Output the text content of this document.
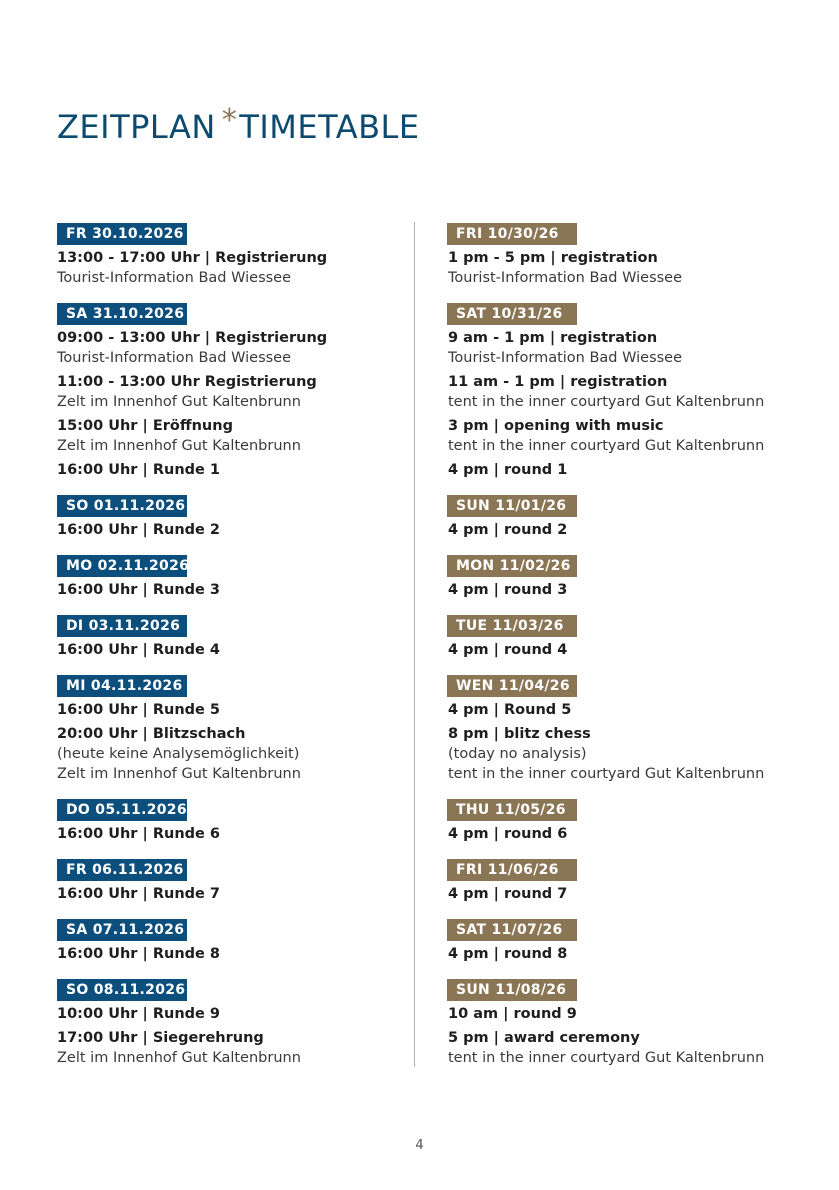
ZEITPLAN *TIMETABLE
FR 30.10.2026
13:00 - 17:00 Uhr | Registrierung
Tourist-Information Bad Wiessee
SA 31.10.2026
09:00 - 13:00 Uhr | Registrierung
Tourist-Information Bad Wiessee
11:00 - 13:00 Uhr Registrierung
Zelt im Innenhof Gut Kaltenbrunn
15:00 Uhr | Eröffnung
Zelt im Innenhof Gut Kaltenbrunn
16:00 Uhr | Runde 1
SO 01.11.2026
16:00 Uhr | Runde 2
MO 02.11.2026
16:00 Uhr | Runde 3
DI 03.11.2026
16:00 Uhr | Runde 4
MI 04.11.2026
16:00 Uhr | Runde 5
20:00 Uhr | Blitzschach
(heute keine Analysemöglichkeit)
Zelt im Innenhof Gut Kaltenbrunn
DO 05.11.2026
16:00 Uhr | Runde 6
FR 06.11.2026
16:00 Uhr | Runde 7
SA 07.11.2026
16:00 Uhr | Runde 8
SO 08.11.2026
10:00 Uhr | Runde 9
17:00 Uhr | Siegerehrung
Zelt im Innenhof Gut Kaltenbrunn
FRI 10/30/26
1 pm - 5 pm | registration
Tourist-Information Bad Wiessee
SAT 10/31/26
9 am - 1 pm | registration
Tourist-Information Bad Wiessee
11 am - 1 pm | registration
tent in the inner courtyard Gut Kaltenbrunn
3 pm | opening with music
tent in the inner courtyard Gut Kaltenbrunn
4 pm | round 1
SUN 11/01/26
4 pm | round 2
MON 11/02/26
4 pm | round 3
TUE 11/03/26
4 pm | round 4
WEN 11/04/26
4 pm | Round 5
8 pm | blitz chess
(today no analysis)
tent in the inner courtyard Gut Kaltenbrunn
THU 11/05/26
4 pm | round 6
FRI 11/06/26
4 pm | round 7
SAT 11/07/26
4 pm | round 8
SUN 11/08/26
10 am | round 9
5 pm | award ceremony
tent in the inner courtyard Gut Kaltenbrunn
4
